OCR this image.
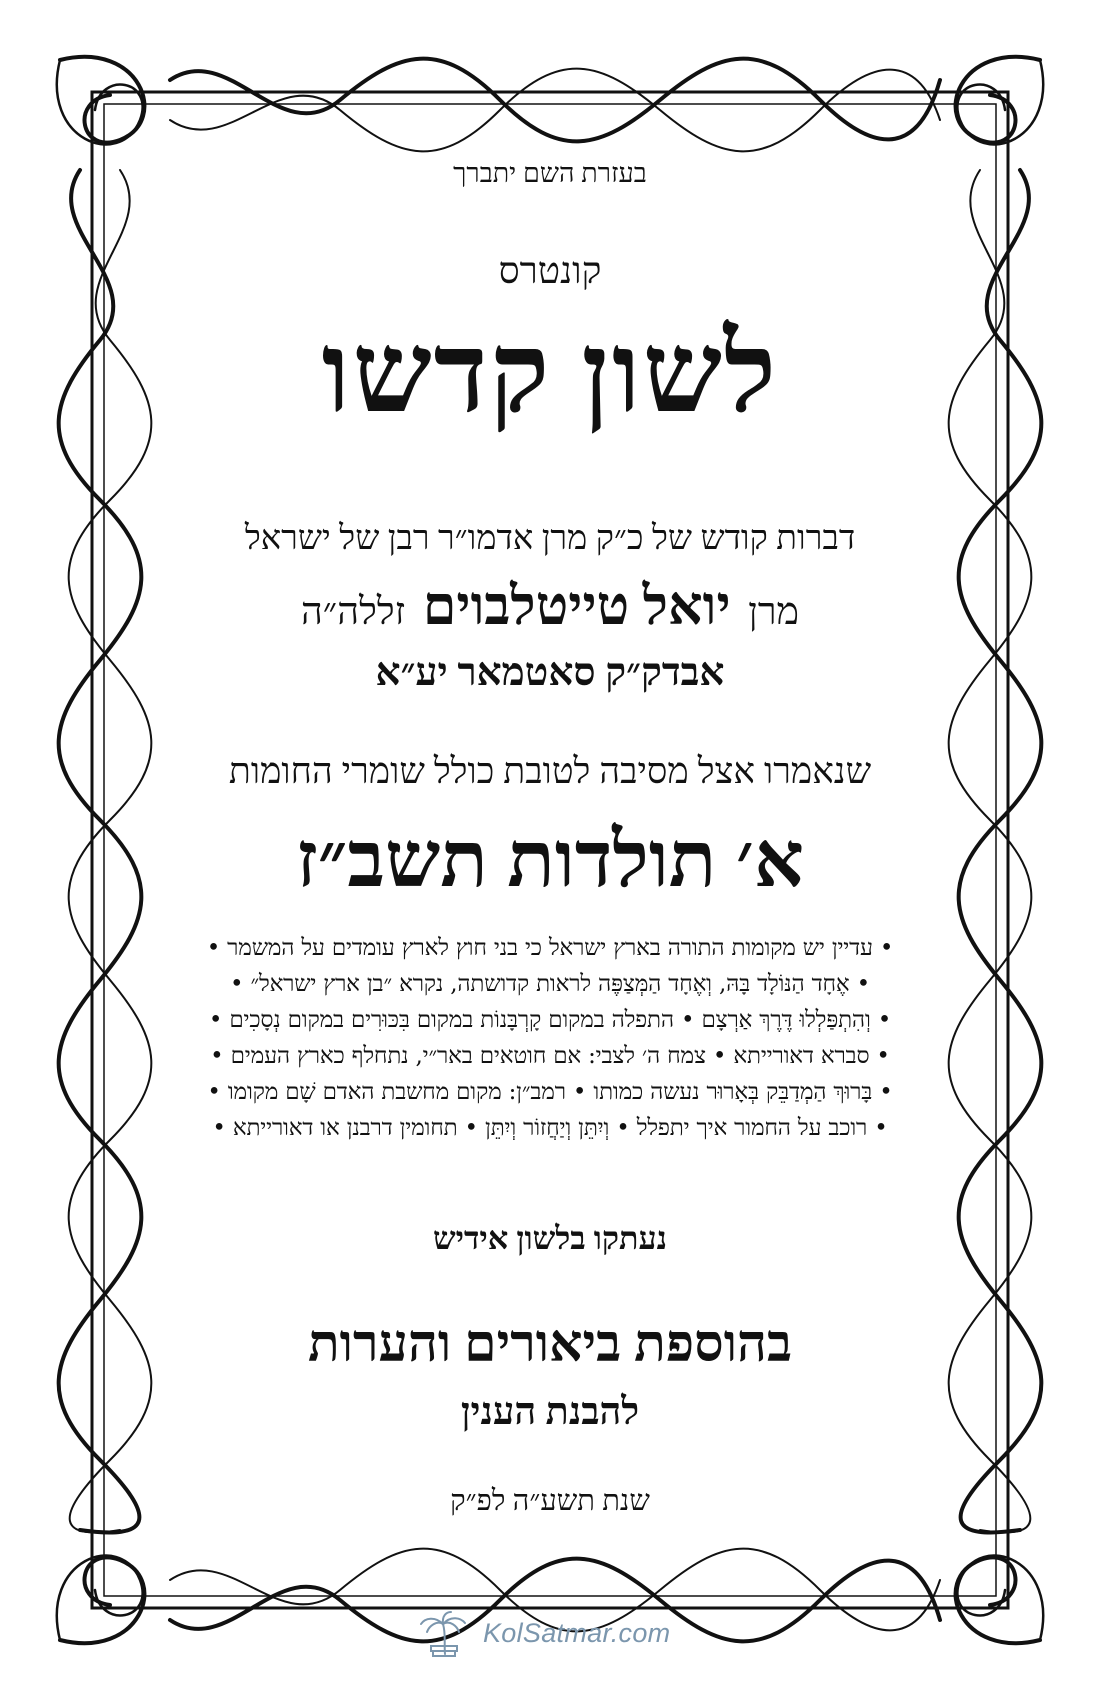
בעזרת השם יתברך
קונטרס
לשון קדשו
דברות קודש של כ״ק מרן אדמו״ר רבן של ישראל
מרן יואל טייטלבוים זללה״ה
אבדק״ק סאטמאר יע״א
שנאמרו אצל מסיבה לטובת כולל שומרי החומות
א׳ תולדות תשב״ז
• עדיין יש מקומות התורה בארץ ישראל כי בני חוץ לארץ עומדים על המשמר •
• אֶחָד הַנּוֹלָד בָּהּ, וְאֶחָד הַמְּצַפֶּה לראות קדושתה, נקרא ״בן ארץ ישראל״ •
• וְהִתְפַּלְלוּ דֶּרֶךְ אַרְצָם • התפלה במקום קָרְבָּנוֹת במקום בִּכּוּרִים במקום נְסָכִים •
• סברא דאורייתא • צמח ה׳ לצבי: אם חוטאים באר״י, נתחלף כארץ העמים •
• בָּרוּךְ הַמְדַבֵּק בְּאָרוּר נעשה כמותו • רמב״ן: מקום מחשבת האדם שָׁם מקומו •
• רוכב על החמור איך יתפלל • וְיִתֵּן וְיַחֲזוֹר וְיִתֵּן • תחומין דרבנן או דאורייתא •
נעתקו בלשון אידיש
בהוספת ביאורים והערות
להבנת הענין
שנת תשע״ה לפ״ק
KolSatmar.com
